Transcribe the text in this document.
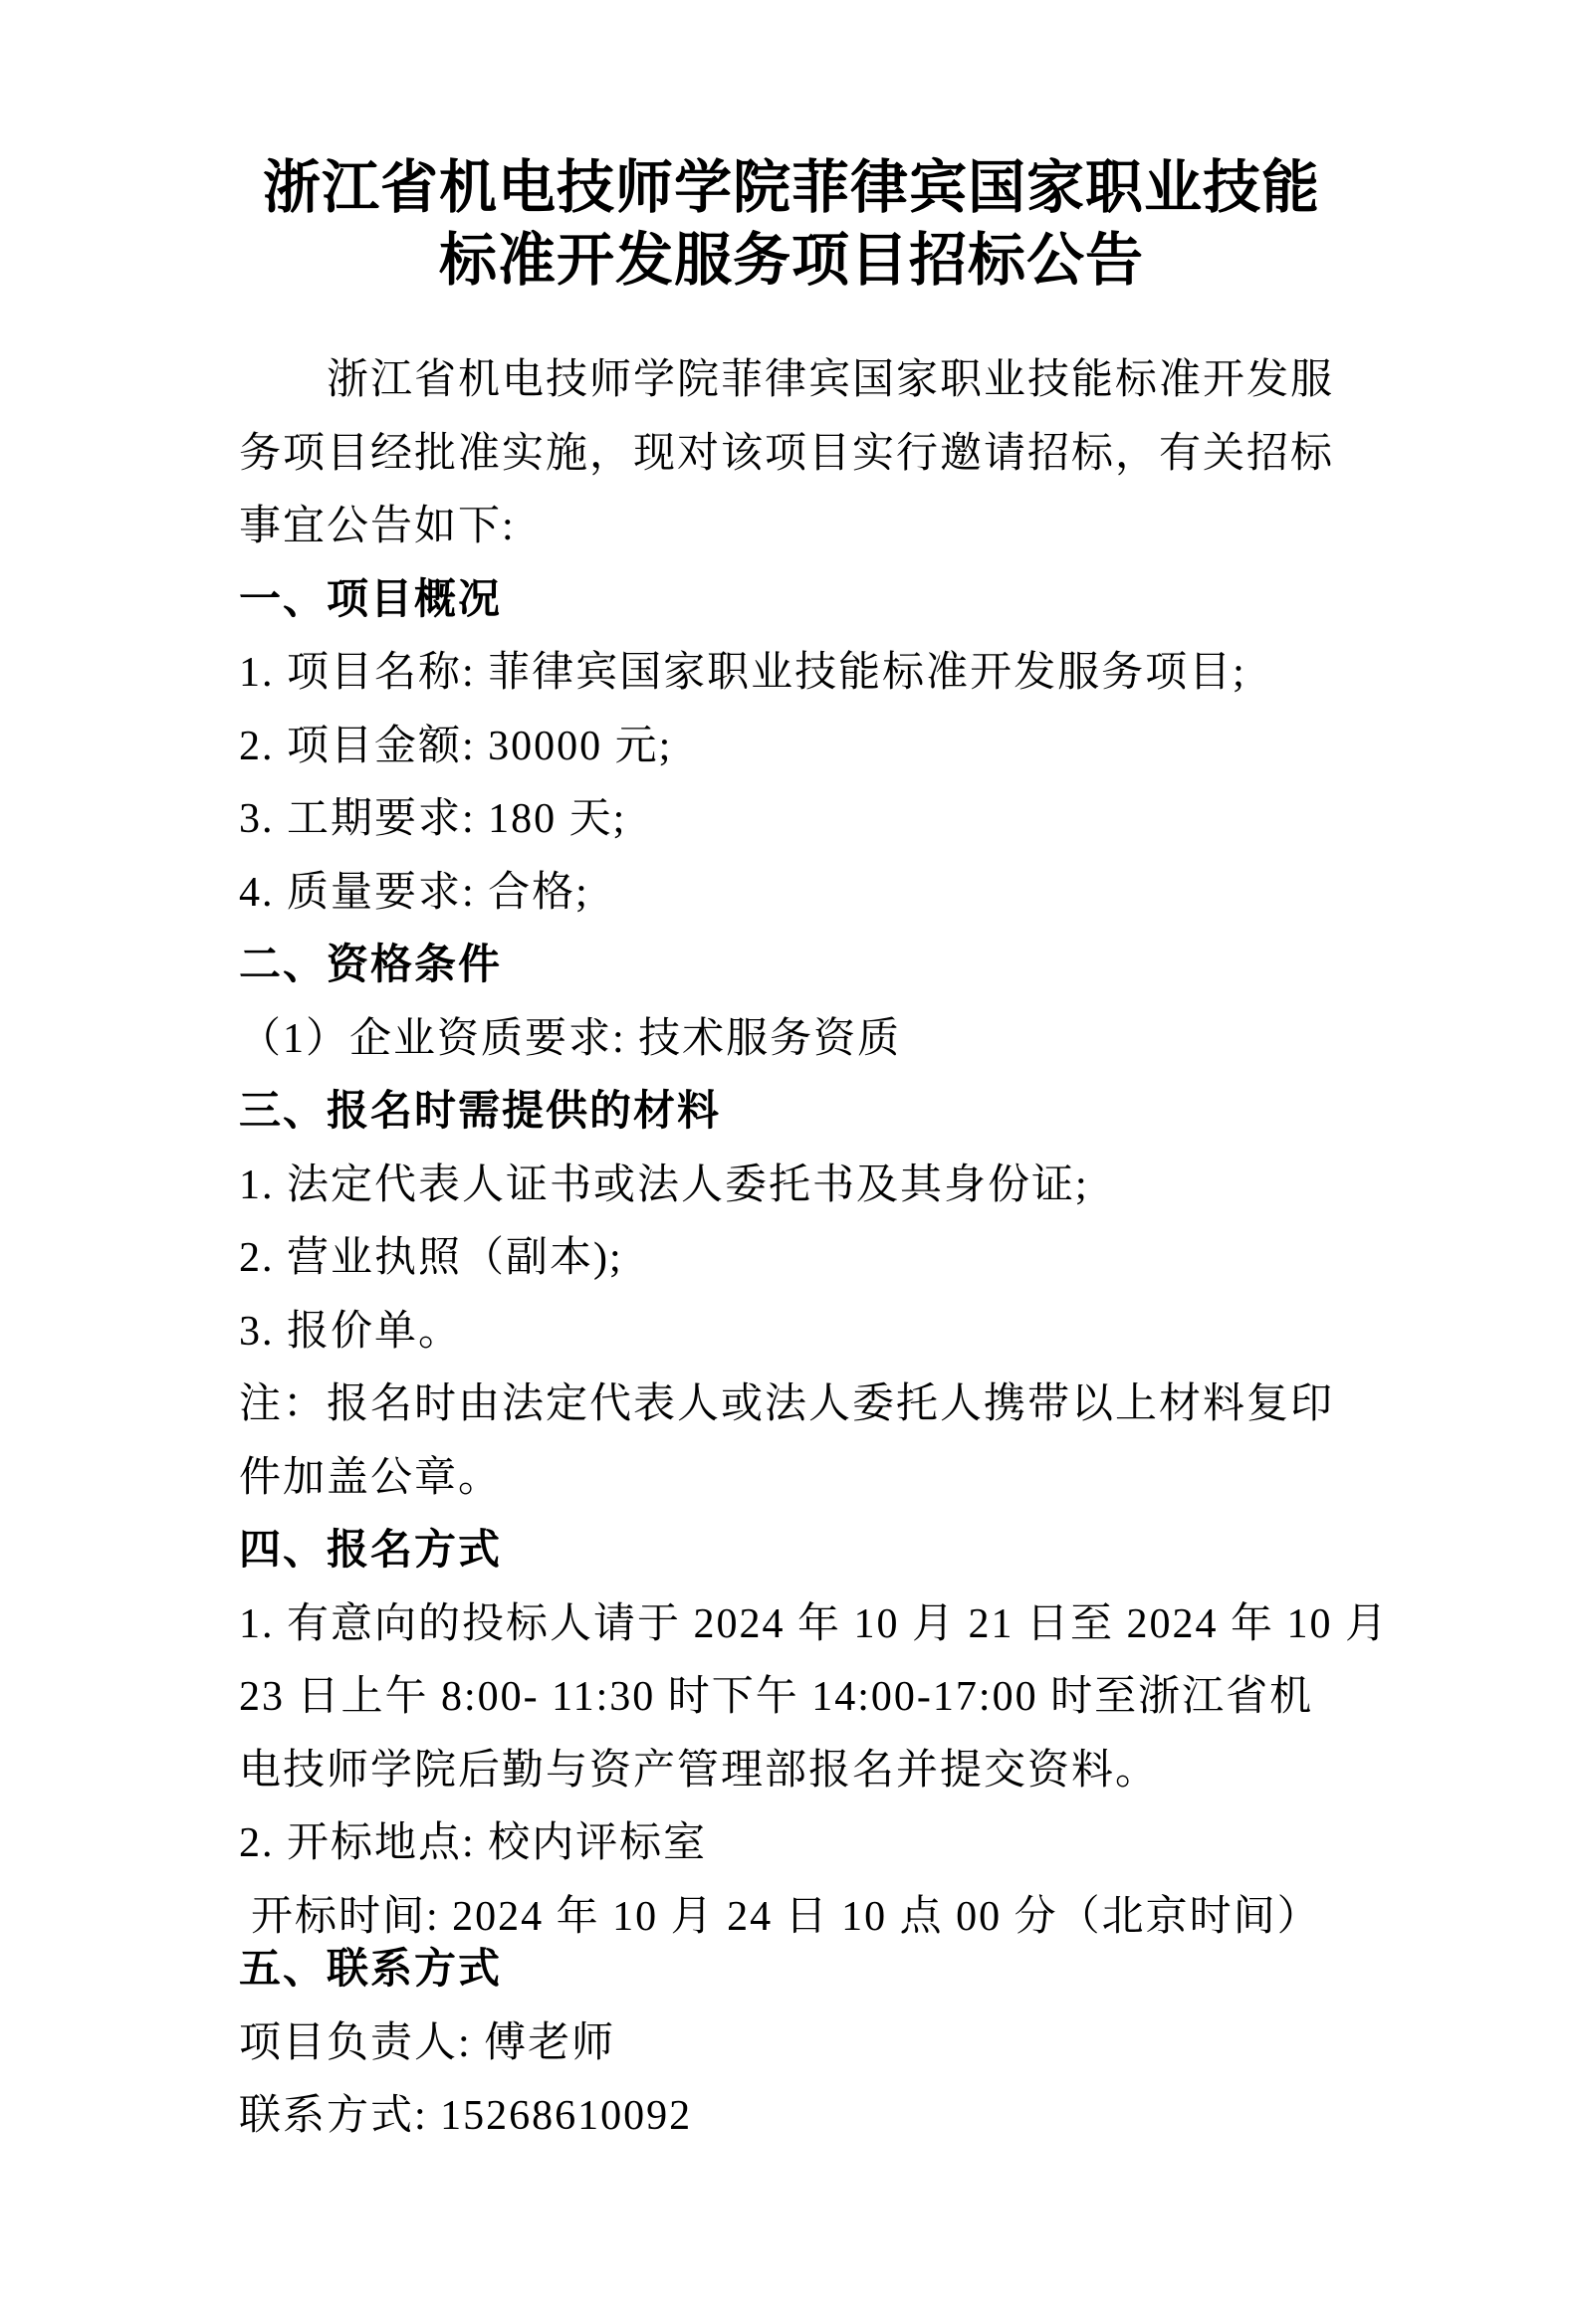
浙江省机电技师学院菲律宾国家职业技能
标准开发服务项目招标公告
浙江省机电技师学院菲律宾国家职业技能标准开发服
务项目经批准实施，现对该项目实行邀请招标，有关招标
事宜公告如下:
一、项目概况
1. 项目名称: 菲律宾国家职业技能标准开发服务项目;
2. 项目金额: 30000 元;
3. 工期要求: 180 天;
4. 质量要求: 合格;
二、资格条件
（1）企业资质要求: 技术服务资质
三、报名时需提供的材料
1. 法定代表人证书或法人委托书及其身份证;
2. 营业执照（副本);
3. 报价单。
注：报名时由法定代表人或法人委托人携带以上材料复印
件加盖公章。
四、报名方式
1. 有意向的投标人请于 2024 年 10 月 21 日至 2024 年 10 月
23 日上午 8:00- 11:30 时下午 14:00-17:00 时至浙江省机
电技师学院后勤与资产管理部报名并提交资料。
2. 开标地点: 校内评标室
开标时间: 2024 年 10 月 24 日 10 点 00 分（北京时间）
五、联系方式
项目负责人: 傅老师
联系方式: 15268610092
